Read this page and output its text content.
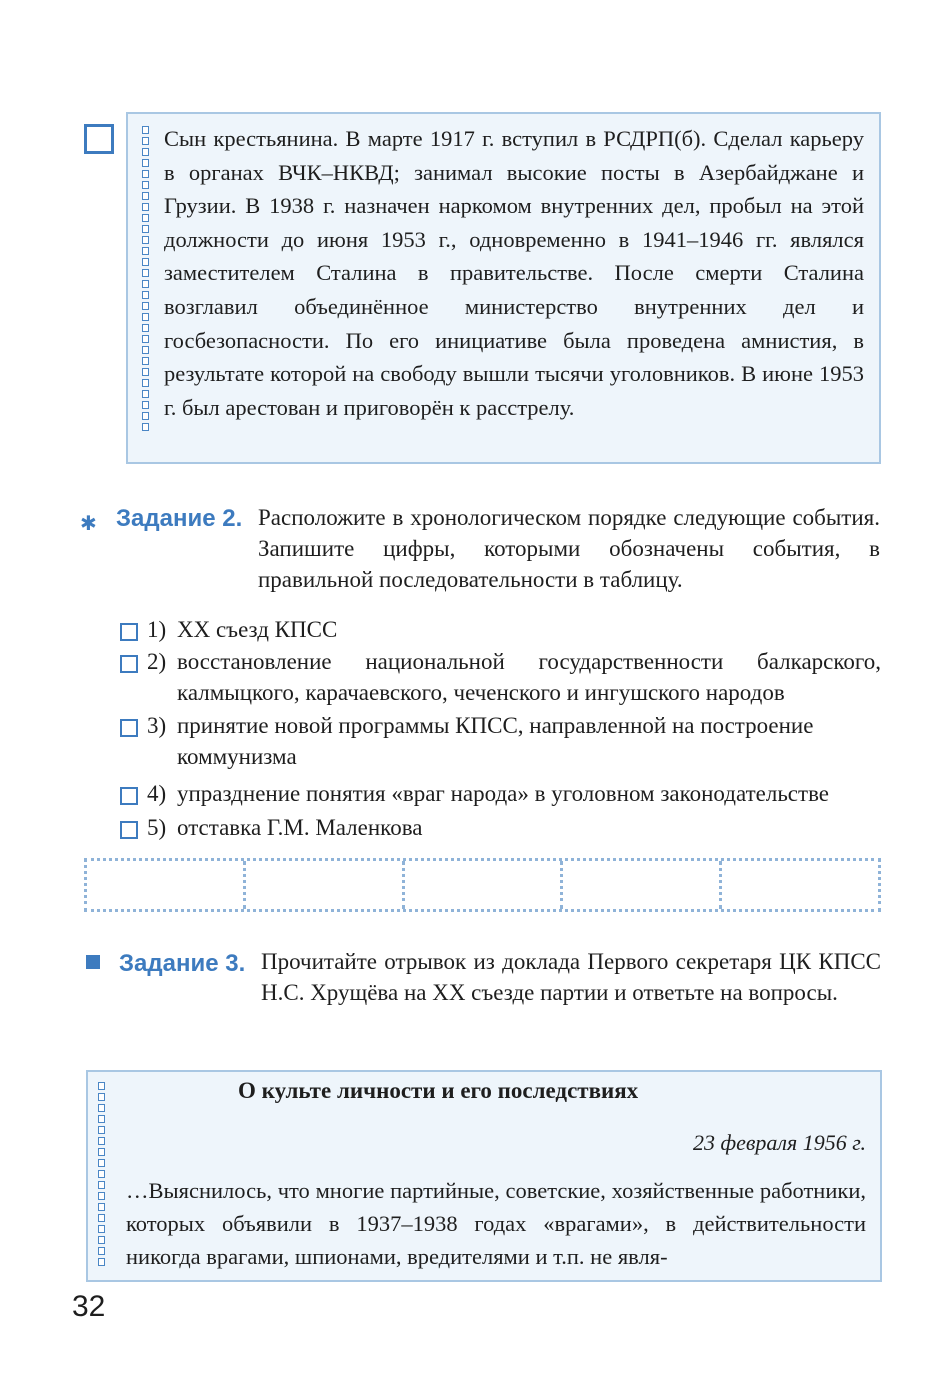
Сын крестьянина. В марте 1917 г. вступил в РСДРП(б). Сделал карьеру в органах ВЧК–НКВД; занимал высокие посты в Азербайджане и Грузии. В 1938 г. назначен наркомом внутренних дел, пробыл на этой должности до июня 1953 г., одновременно в 1941–1946 гг. являлся заместителем Сталина в правительстве. После смерти Сталина возглавил объединённое министерство внутренних дел и госбезопасности. По его инициативе была проведена амнистия, в результате которой на свободу вышли тысячи уголовников. В июне 1953 г. был арестован и приговорён к расстрелу.
✱ Задание 2. Расположите в хронологическом порядке следующие события. Запишите цифры, которыми обозначены события, в правильной последовательности в таблицу.
1) XX съезд КПСС
2) восстановление национальной государственности балкарского, калмыцкого, карачаевского, чеченского и ингушского народов
3) принятие новой программы КПСС, направленной на построение коммунизма
4) упразднение понятия «враг народа» в уголовном законодательстве
5) отставка Г.М. Маленкова
Задание 3. Прочитайте отрывок из доклада Первого секретаря ЦК КПСС Н.С. Хрущёва на XX съезде партии и ответьте на вопросы.
О культе личности и его последствиях
23 февраля 1956 г.
…Выяснилось, что многие партийные, советские, хозяйственные работники, которых объявили в 1937–1938 годах «врагами», в действительности никогда врагами, шпионами, вредителями и т.п. не явля-
32
